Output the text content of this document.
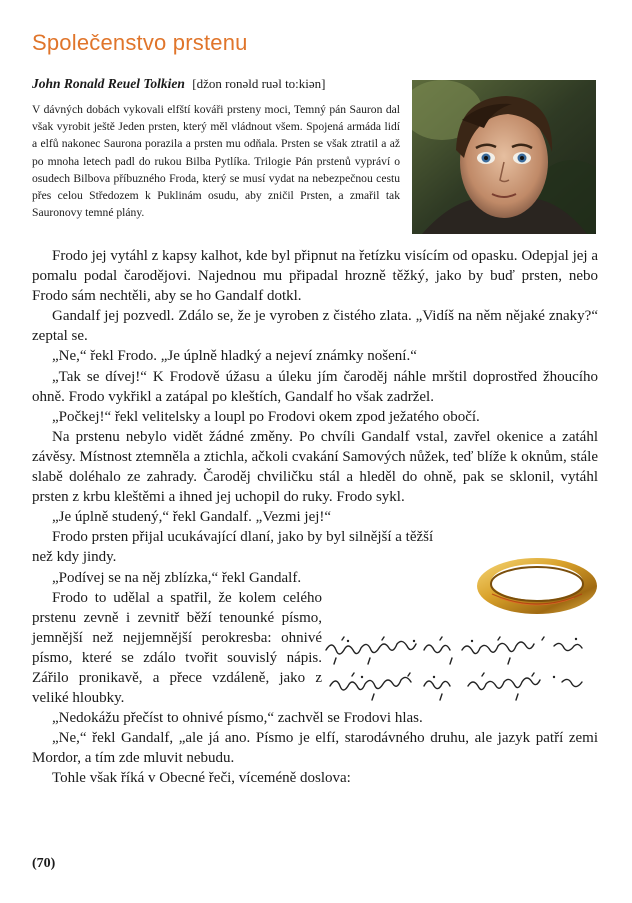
Společenstvo prstenu
John Ronald Reuel Tolkien [džon ronəld ruəl to:kiən]

V dávných dobách vykovali elfští kováři prsteny moci, Temný pán Sauron dal však vyrobit ještě Jeden prsten, který měl vládnout všem. Spojená armáda lidí a elfů nakonec Saurona porazila a prsten mu odňala. Prsten se však ztratil a až po mnoha letech padl do rukou Bilba Pytlíka. Trilogie Pán prstenů vypráví o osudech Bilbova příbuzného Froda, který se musí vydat na nebezpečnou cestu přes celou Středozem k Puklinám osudu, aby zničil Prsten, a zmařil tak Sauronovy temné plány.

Frodo jej vytáhl z kapsy kalhot, kde byl připnut na řetízku visícím od opasku. Odepjal jej a pomalu podal čarodějovi. Najednou mu připadal hrozně těžký, jako by buď prsten, nebo Frodo sám nechtěli, aby se ho Gandalf dotkl.

Gandalf jej pozvedl. Zdálo se, že je vyroben z čistého zlata. „Vidíš na něm nějaké znaky?“ zeptal se.

„Ne,“ řekl Frodo. „Je úplně hladký a nejeví známky nošení.“

„Tak se dívej!“ K Frodově úžasu a úleku jím čaroděj náhle mrštil doprostřed žhoucího ohně. Frodo vykřikl a zatápal po kleštích, Gandalf ho však zadržel.

„Počkej!“ řekl velitelsky a loupl po Frodovi okem zpod ježatého obočí.

Na prstenu nebylo vidět žádné změny. Po chvíli Gandalf vstal, zavřel okenice a zatáhl závěsy. Místnost ztemněla a ztichla, ačkoli cvakání Samových nůžek, teď blíže k oknům, stále slabě doléhalo ze zahrady. Čaroděj chviličku stál a hleděl do ohně, pak se sklonil, vytáhl prsten z krbu kleštěmi a ihned jej uchopil do ruky. Frodo sykl.

„Je úplně studený,“ řekl Gandalf. „Vezmi jej!“

Frodo prsten přijal ucukávající dlaní, jako by byl silnější a těžší než kdy jindy.

„Podívej se na něj zblízka,“ řekl Gandalf.

Frodo to udělal a spatřil, že kolem celého prstenu zevně i zevnitř běží tenounké písmo, jemnější než nejjemnější perokresba: ohnivé písmo, které se zdálo tvořit souvislý nápis. Zářilo pronikavě, a přece vzdáleně, jako z veliké hloubky.

„Nedokážu přečíst to ohnivé písmo,“ zachvěl se Frodovi hlas.

„Ne,“ řekl Gandalf, „ale já ano. Písmo je elfí, starodávného druhu, ale jazyk patří zemi Mordor, a tím zde mluvit nebudu.

Tohle však říká v Obecné řeči, víceméně doslova:

(70)
